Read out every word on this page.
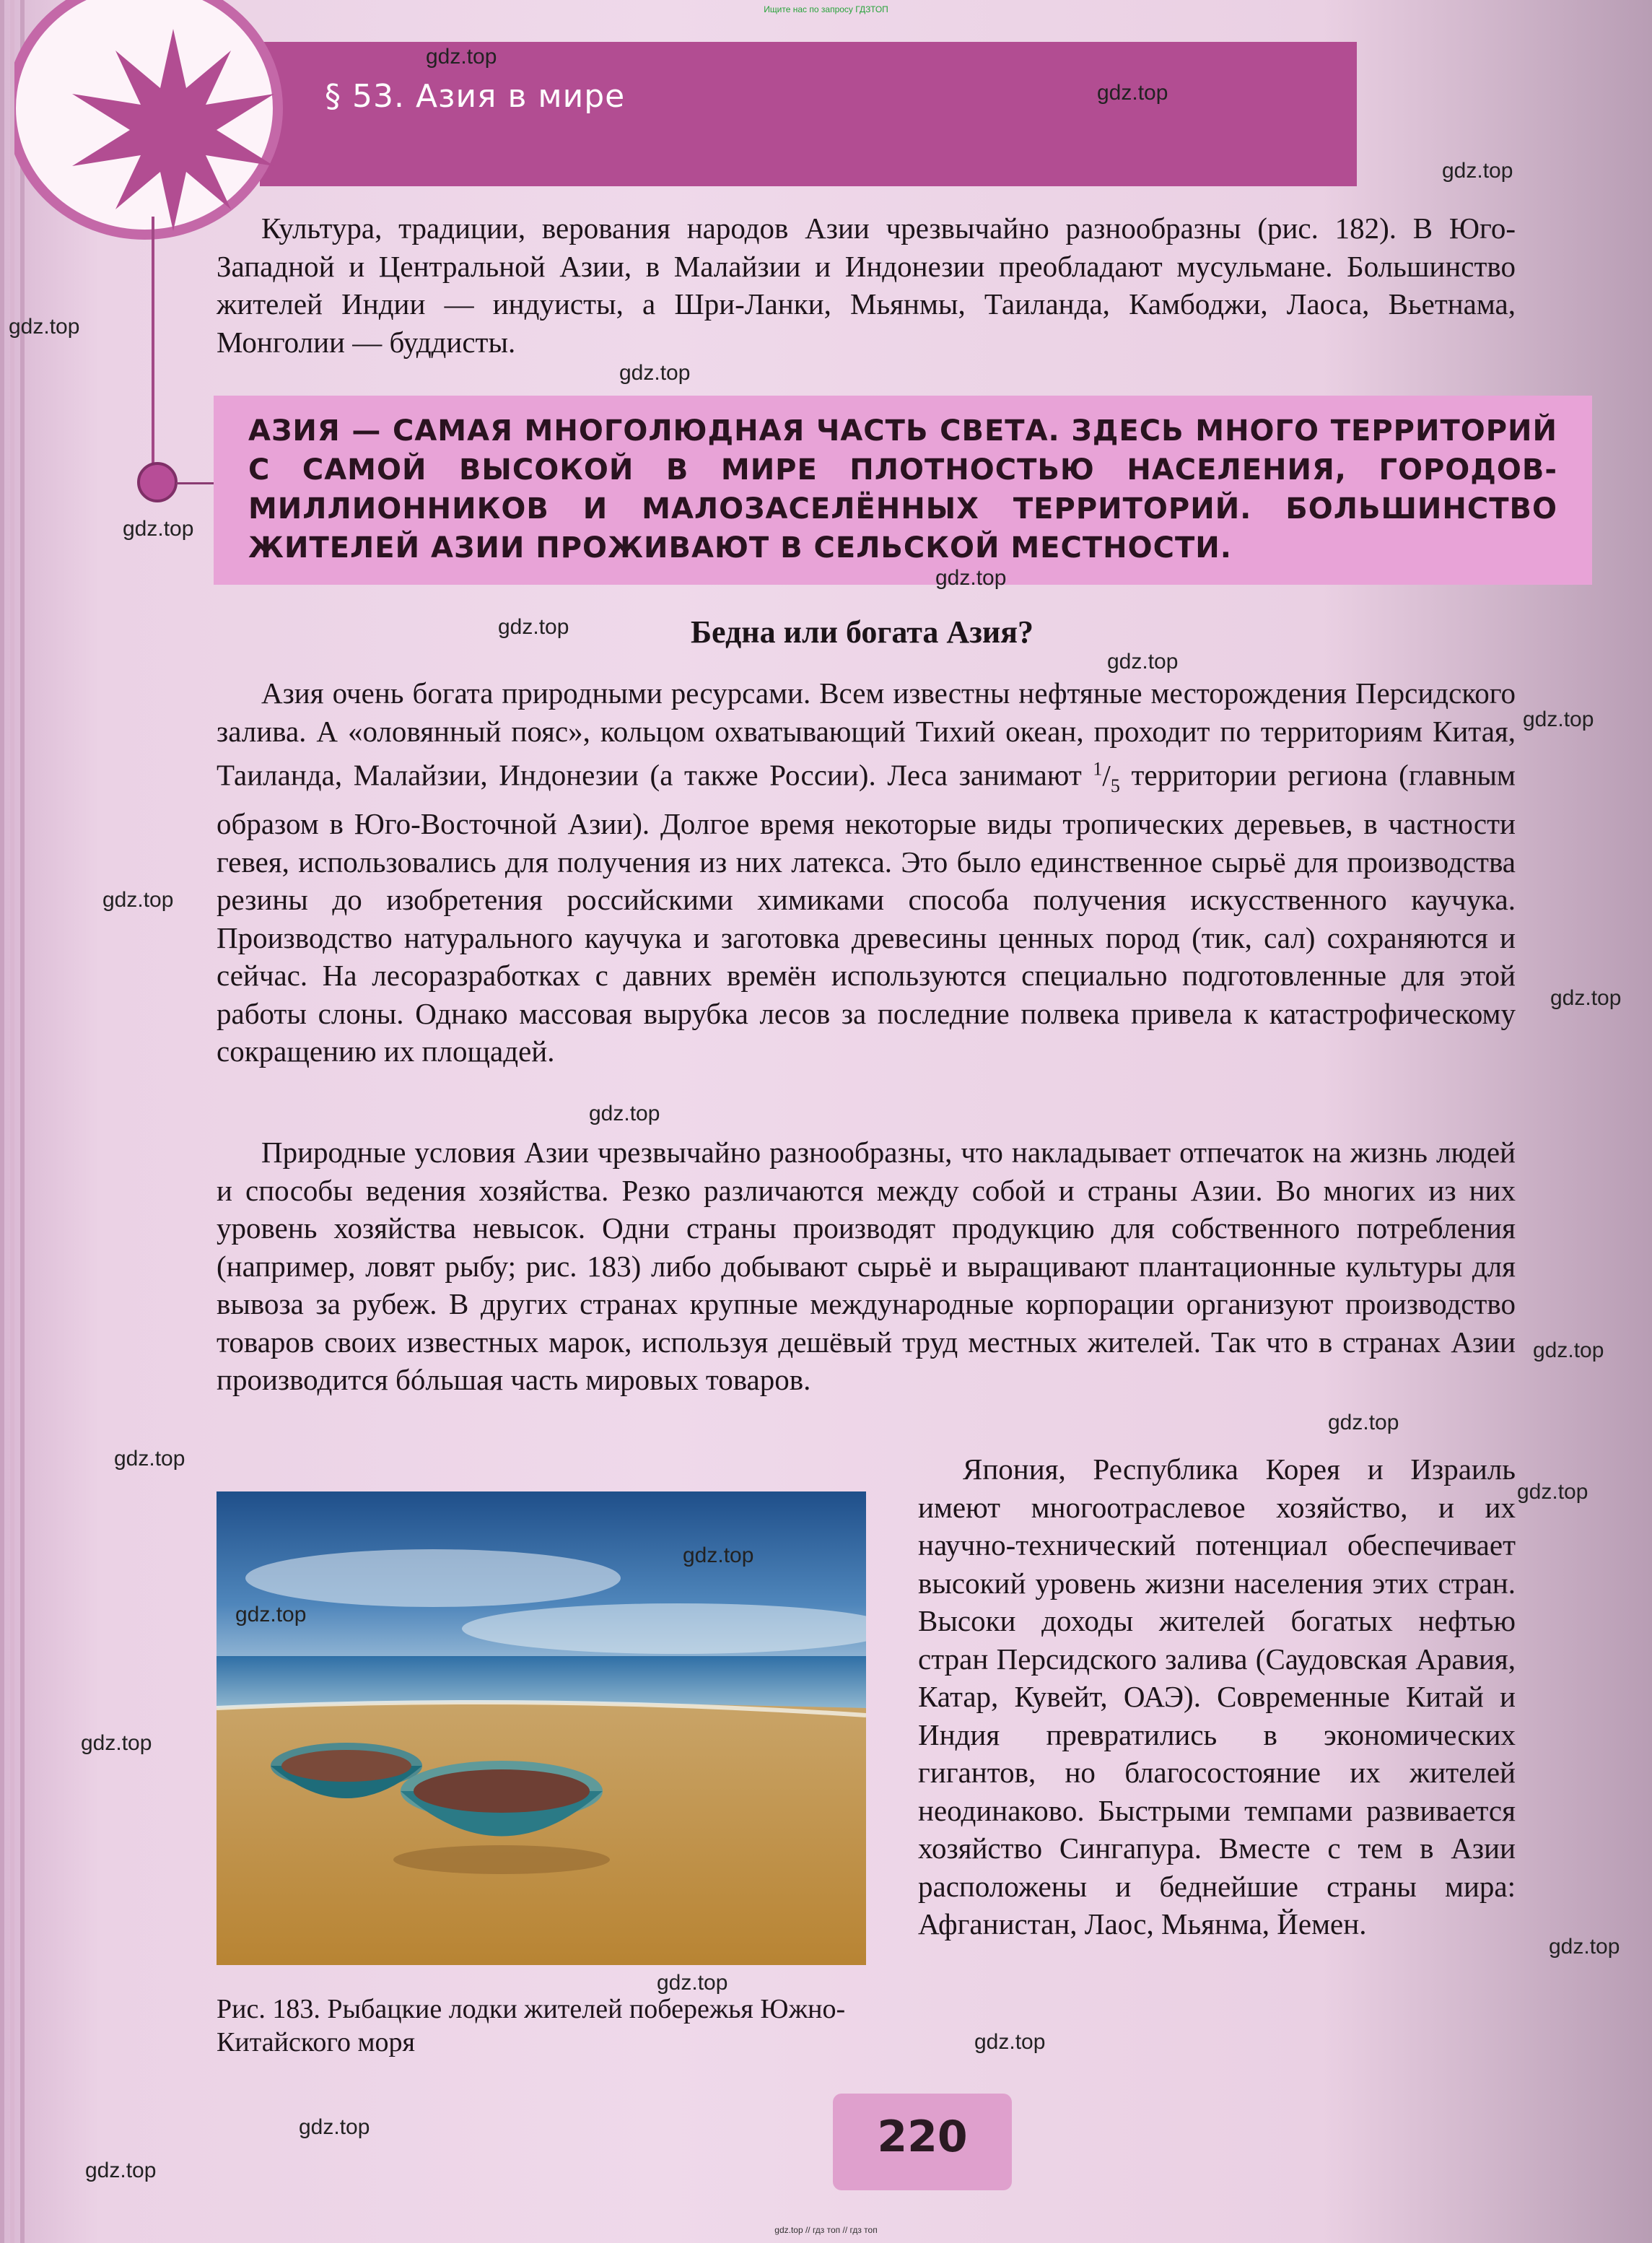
Ищите нас по запросу ГДЗТОП
§ 53. Азия в мире

Культура, традиции, верования народов Азии чрезвычайно разнообразны (рис. 182). В Юго-Западной и Центральной Азии, в Малайзии и Индонезии преобладают мусульмане. Большинство жителей Индии — индуисты, а Шри-Ланки, Мьянмы, Таиланда, Камбоджи, Лаоса, Вьетнама, Монголии — буддисты.

АЗИЯ — САМАЯ МНОГОЛЮДНАЯ ЧАСТЬ СВЕТА. ЗДЕСЬ МНОГО ТЕРРИТОРИЙ С САМОЙ ВЫСОКОЙ В МИРЕ ПЛОТНОСТЬЮ НАСЕЛЕНИЯ, ГОРОДОВ-МИЛЛИОННИКОВ И МАЛОЗАСЕЛЁННЫХ ТЕРРИТОРИЙ. БОЛЬШИНСТВО ЖИТЕЛЕЙ АЗИИ ПРОЖИВАЮТ В СЕЛЬСКОЙ МЕСТНОСТИ.

Бедна или богата Азия?

Азия очень богата природными ресурсами. Всем известны нефтяные месторождения Персидского залива. А «оловянный пояс», кольцом охватывающий Тихий океан, проходит по территориям Китая, Таиланда, Малайзии, Индонезии (а также России). Леса занимают $^1/_5$ территории региона (главным образом в Юго-Восточной Азии). Долгое время некоторые виды тропических деревьев, в частности гевея, использовались для получения из них латекса. Это было единственное сырьё для производства резины до изобретения российскими химиками способа получения искусственного каучука. Производство натурального каучука и заготовка древесины ценных пород (тик, сал) сохраняются и сейчас. На лесоразработках с давних времён используются специально подготовленные для этой работы слоны. Однако массовая вырубка лесов за последние полвека привела к катастрофическому сокращению их площадей.

Природные условия Азии чрезвычайно разнообразны, что накладывает отпечаток на жизнь людей и способы ведения хозяйства. Резко различаются между собой и страны Азии. Во многих из них уровень хозяйства невысок. Одни страны производят продукцию для собственного потребления (например, ловят рыбу; рис. 183) либо добывают сырьё и выращивают плантационные культуры для вывоза за рубеж. В других странах крупные международные корпорации организуют производство товаров своих известных марок, используя дешёвый труд местных жителей. Так что в странах Азии производится бóльшая часть мировых товаров.

Япония, Республика Корея и Израиль имеют многоотраслевое хозяйство, и их научно-технический потенциал обеспечивает высокий уровень жизни населения этих стран. Высоки доходы жителей богатых нефтью стран Персидского залива (Саудовская Аравия, Катар, Кувейт, ОАЭ). Современные Китай и Индия превратились в экономических гигантов, но благосостояние их жителей неодинаково. Быстрыми темпами развивается хозяйство Сингапура. Вместе с тем в Азии расположены и беднейшие страны мира: Афганистан, Лаос, Мьянма, Йемен.

Рис. 183. Рыбацкие лодки жителей побережья Южно-Китайского моря
220
gdz.top
gdz.top
gdz.top
gdz.top
gdz.top
gdz.top
gdz.top
gdz.top
gdz.top
gdz.top
gdz.top
gdz.top
gdz.top
gdz.top
gdz.top
gdz.top
gdz.top
gdz.top
gdz.top
gdz.top
gdz.top
gdz.top
gdz.top
gdz.top
gdz.top
gdz.top // гдз топ // гдз топ
